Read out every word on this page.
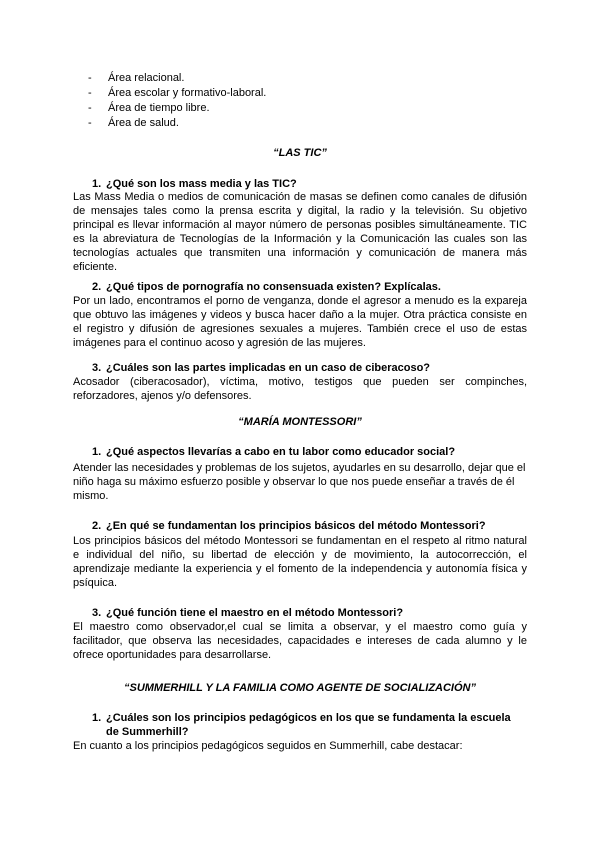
-	Área relacional.
-	Área escolar y formativo-laboral.
-	Área de tiempo libre.
-	Área de salud.
“LAS TIC”
1. ¿Qué son los mass media y las TIC?
Las Mass Media o medios de comunicación de masas se definen como canales de difusión de mensajes tales como la prensa escrita y digital, la radio y la televisión. Su objetivo principal es llevar información al mayor número de personas posibles simultáneamente. TIC es la abreviatura de Tecnologías de la Información y la Comunicación las cuales son las tecnologías actuales que transmiten una información y comunicación de manera más eficiente.
2. ¿Qué tipos de pornografía no consensuada existen? Explícalas.
Por un lado, encontramos el porno de venganza, donde el agresor a menudo es la expareja que obtuvo las imágenes y videos y busca hacer daño a la mujer. Otra práctica consiste en el registro y difusión de agresiones sexuales a mujeres. También crece el uso de estas imágenes para el continuo acoso y agresión de las mujeres.
3. ¿Cuáles son las partes implicadas en un caso de ciberacoso?
Acosador (ciberacosador), víctima, motivo, testigos que pueden ser compinches, reforzadores, ajenos y/o defensores.
“MARÍA MONTESSORI”
1. ¿Qué aspectos llevarías a cabo en tu labor como educador social?
Atender las necesidades y problemas de los sujetos, ayudarles en su desarrollo, dejar que el niño haga su máximo esfuerzo posible y observar lo que nos puede enseñar a través de él mismo.
2. ¿En qué se fundamentan los principios básicos del método Montessori?
Los principios básicos del método Montessori se fundamentan en el respeto al ritmo natural e individual del niño, su libertad de elección y de movimiento, la autocorrección, el aprendizaje mediante la experiencia y el fomento de la independencia y autonomía física y psíquica.
3. ¿Qué función tiene el maestro en el método Montessori?
El maestro como observador,el cual se limita a observar, y el maestro como guía y facilitador, que observa las necesidades, capacidades e intereses de cada alumno y le ofrece oportunidades para desarrollarse.
“SUMMERHILL Y LA FAMILIA COMO AGENTE DE SOCIALIZACIÓN”
1. ¿Cuáles son los principios pedagógicos en los que se fundamenta la escuela
de Summerhill?
En cuanto a los principios pedagógicos seguidos en Summerhill, cabe destacar:
